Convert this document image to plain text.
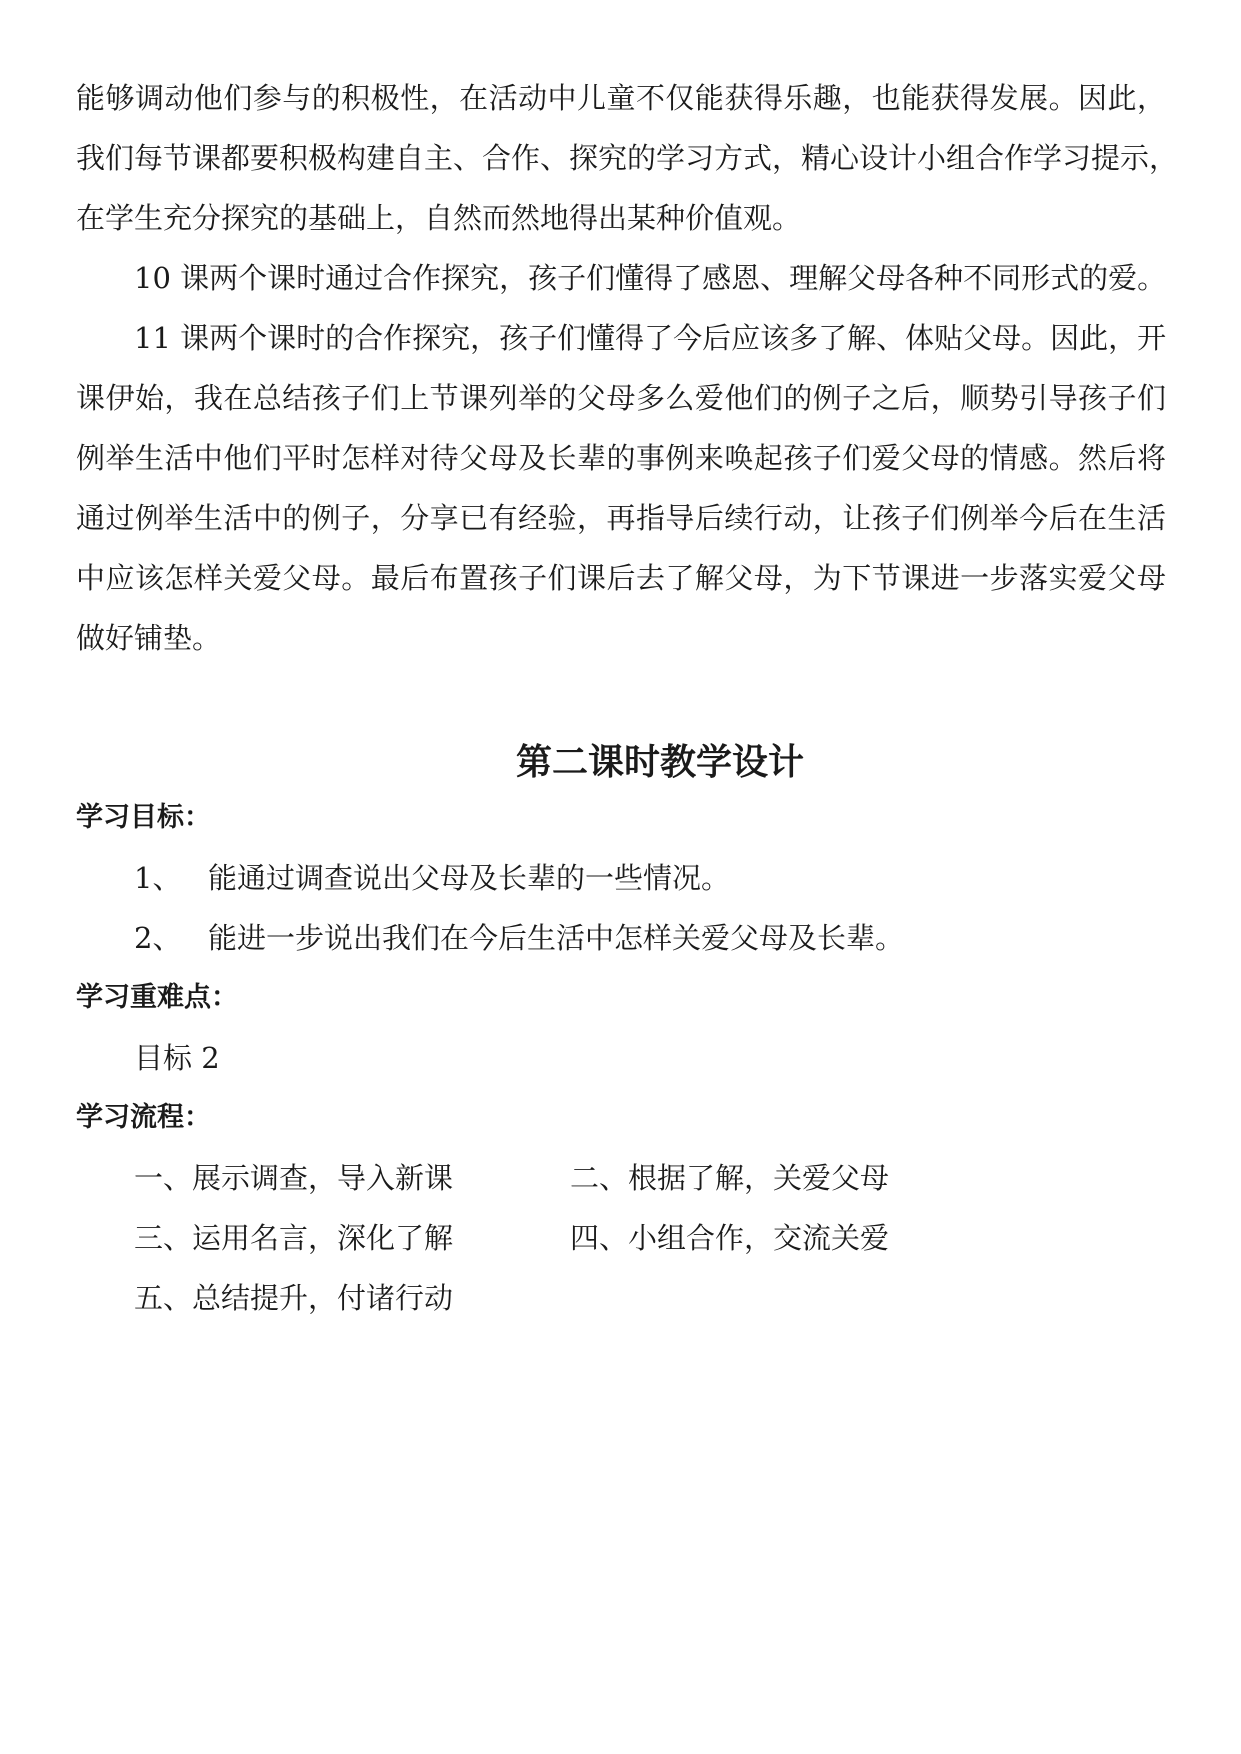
能够调动他们参与的积极性，在活动中儿童不仅能获得乐趣，也能获得发展。因此，
我们每节课都要积极构建自主、合作、探究的学习方式，精心设计小组合作学习提示，
在学生充分探究的基础上，自然而然地得出某种价值观。
10 课两个课时通过合作探究，孩子们懂得了感恩、理解父母各种不同形式的爱。
11 课两个课时的合作探究，孩子们懂得了今后应该多了解、体贴父母。因此，开
课伊始，我在总结孩子们上节课列举的父母多么爱他们的例子之后，顺势引导孩子们
例举生活中他们平时怎样对待父母及长辈的事例来唤起孩子们爱父母的情感。然后将
通过例举生活中的例子，分享已有经验，再指导后续行动，让孩子们例举今后在生活
中应该怎样关爱父母。最后布置孩子们课后去了解父母，为下节课进一步落实爱父母
做好铺垫。
第二课时教学设计
学习目标：
1、 能通过调查说出父母及长辈的一些情况。
2、 能进一步说出我们在今后生活中怎样关爱父母及长辈。
学习重难点：
目标 2
学习流程：
一、展示调查，导入新课	二、根据了解，关爱父母
三、运用名言，深化了解	四、小组合作，交流关爱
五、总结提升，付诸行动
